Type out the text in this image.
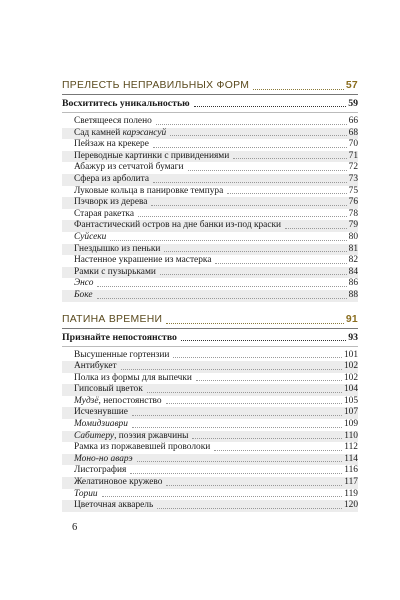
ПРЕЛЕСТЬ НЕПРАВИЛЬНЫХ ФОРМ	57
Восхититесь уникальностью	59
Светящееся полено	66
Сад камней карэсансуй	68
Пейзаж на крекере	70
Переводные картинки с привидениями	71
Абажур из сетчатой бумаги	72
Сфера из арболита	73
Луковые кольца в панировке темпура	75
Пэчворк из дерева	76
Старая ракетка	78
Фантастический остров на дне банки из-под краски	79
Суйсеки	80
Гнездышко из пеньки	81
Настенное украшение из мастерка	82
Рамки с пузырьками	84
Энсо	86
Боке	88
ПАТИНА ВРЕМЕНИ	91
Признайте непостоянство	93
Высушенные гортензии	101
Антибукет	102
Полка из формы для выпечки	102
Гипсовый цветок	104
Мудзё, непостоянство	105
Исчезнувшие	107
Момидзиаври	109
Сабитеру, поэзия ржавчины	110
Рамка из поржавевшей проволоки	112
Моно-но аварэ	114
Листография	116
Желатиновое кружево	117
Тории	119
Цветочная акварель	120
6
